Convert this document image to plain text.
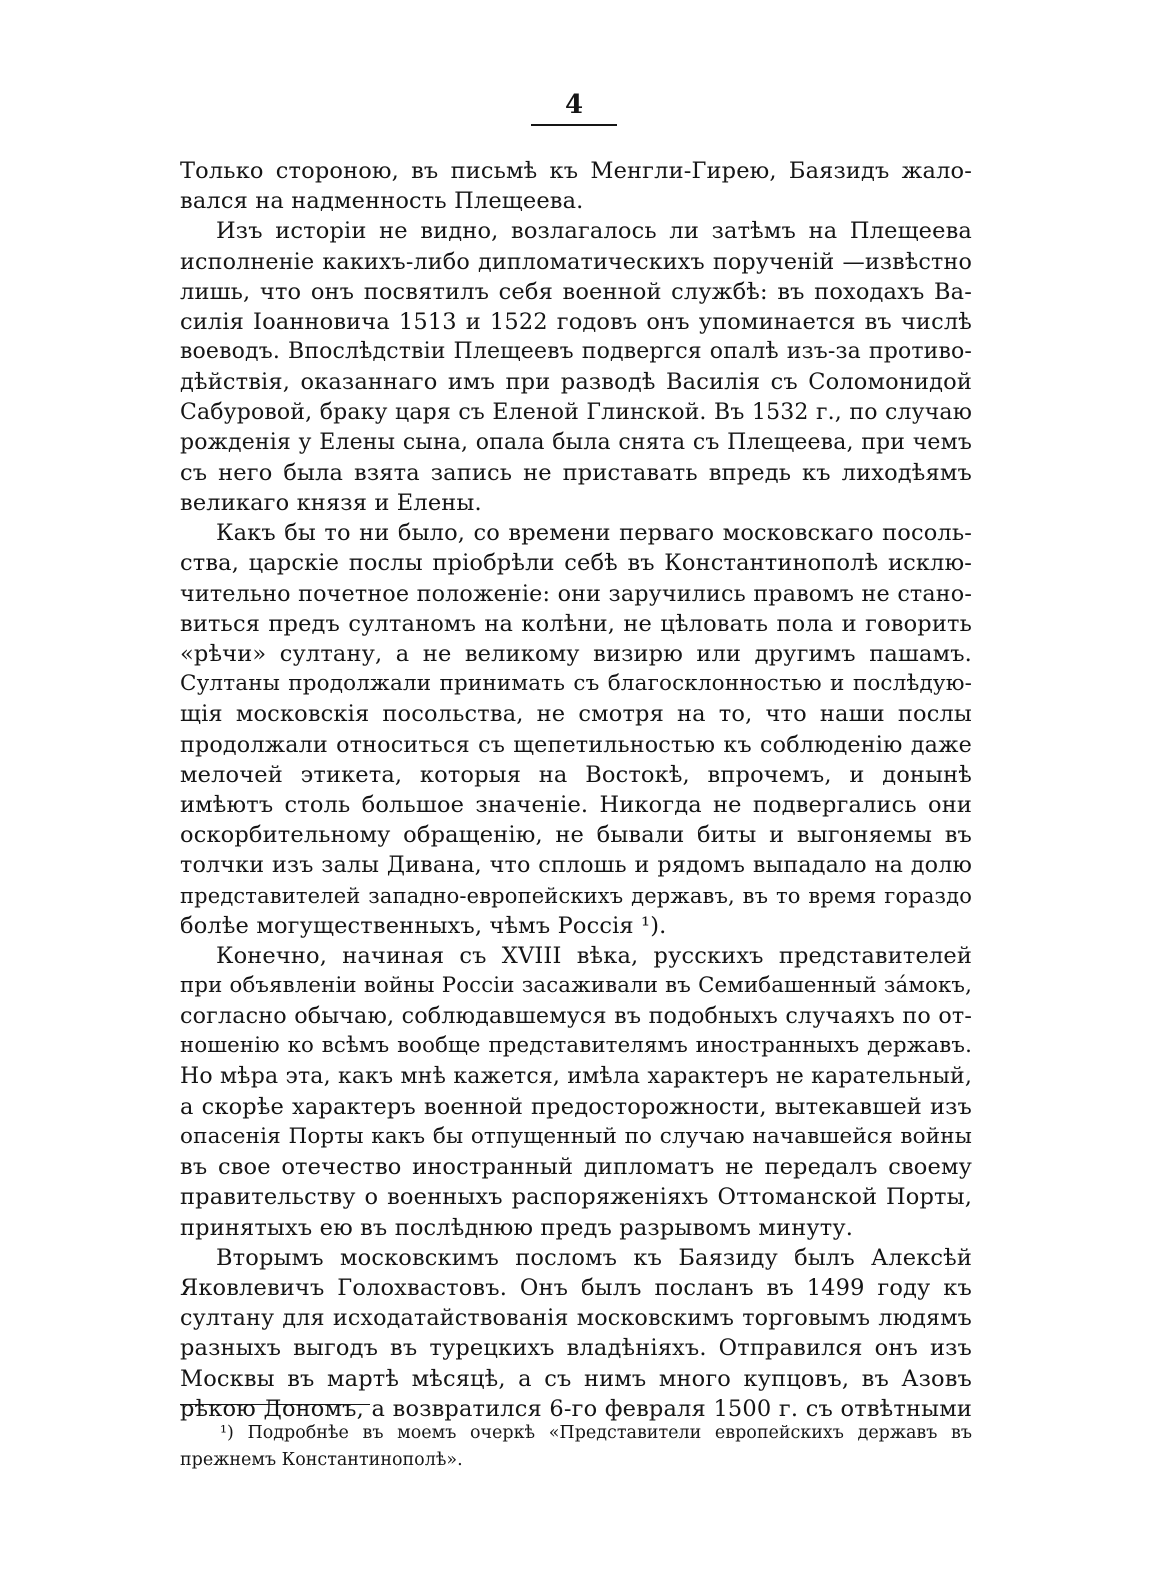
4
Только стороною, въ письмѣ къ Менгли-Гирею, Баязидъ жало-
вался на надменность Плещеева.
Изъ исторіи не видно, возлагалось ли затѣмъ на Плещеева
исполненіе какихъ-либо дипломатическихъ порученій —извѣстно
лишь, что онъ посвятилъ себя военной службѣ: въ походахъ Ва-
силія Іоанновича 1513 и 1522 годовъ онъ упоминается въ числѣ
воеводъ. Впослѣдствіи Плещеевъ подвергся опалѣ изъ-за противо-
дѣйствія, оказаннаго имъ при разводѣ Василія съ Соломонидой
Сабуровой, браку царя съ Еленой Глинской. Въ 1532 г., по случаю
рожденія у Елены сына, опала была снята съ Плещеева, при чемъ
съ него была взята запись не приставать впредь къ лиходѣямъ
великаго князя и Елены.
Какъ бы то ни было, со времени перваго московскаго посоль-
ства, царскіе послы пріобрѣли себѣ въ Константинополѣ исклю-
чительно почетное положеніе: они заручились правомъ не стано-
виться предъ султаномъ на колѣни, не цѣловать пола и говорить
«рѣчи» султану, а не великому визирю или другимъ пашамъ.
Султаны продолжали принимать съ благосклонностью и послѣдую-
щія московскія посольства, не смотря на то, что наши послы
продолжали относиться съ щепетильностью къ соблюденію даже
мелочей этикета, которыя на Востокѣ, впрочемъ, и донынѣ
имѣютъ столь большое значеніе. Никогда не подвергались они
оскорбительному обращенію, не бывали биты и выгоняемы въ
толчки изъ залы Дивана, что сплошь и рядомъ выпадало на долю
представителей западно-европейскихъ державъ, въ то время гораздо
болѣе могущественныхъ, чѣмъ Россія ¹).
Конечно, начиная съ XVIII вѣка, русскихъ представителей
при объявленіи войны Россіи засаживали въ Семибашенный за́мокъ,
согласно обычаю, соблюдавшемуся въ подобныхъ случаяхъ по от-
ношенію ко всѣмъ вообще представителямъ иностранныхъ державъ.
Но мѣра эта, какъ мнѣ кажется, имѣла характеръ не карательный,
а скорѣе характеръ военной предосторожности, вытекавшей изъ
опасенія Порты какъ бы отпущенный по случаю начавшейся войны
въ свое отечество иностранный дипломатъ не передалъ своему
правительству о военныхъ распоряженіяхъ Оттоманской Порты,
принятыхъ ею въ послѣднюю предъ разрывомъ минуту.
Вторымъ московскимъ посломъ къ Баязиду былъ Алексѣй
Яковлевичъ Голохвастовъ. Онъ былъ посланъ въ 1499 году къ
султану для исходатайствованія московскимъ торговымъ людямъ
разныхъ выгодъ въ турецкихъ владѣніяхъ. Отправился онъ изъ
Москвы въ мартѣ мѣсяцѣ, а съ нимъ много купцовъ, въ Азовъ
рѣкою Дономъ, а возвратился 6-го февраля 1500 г. съ отвѣтными
¹) Подробнѣе въ моемъ очеркѣ «Представители европейскихъ державъ въ
прежнемъ Константинополѣ».
